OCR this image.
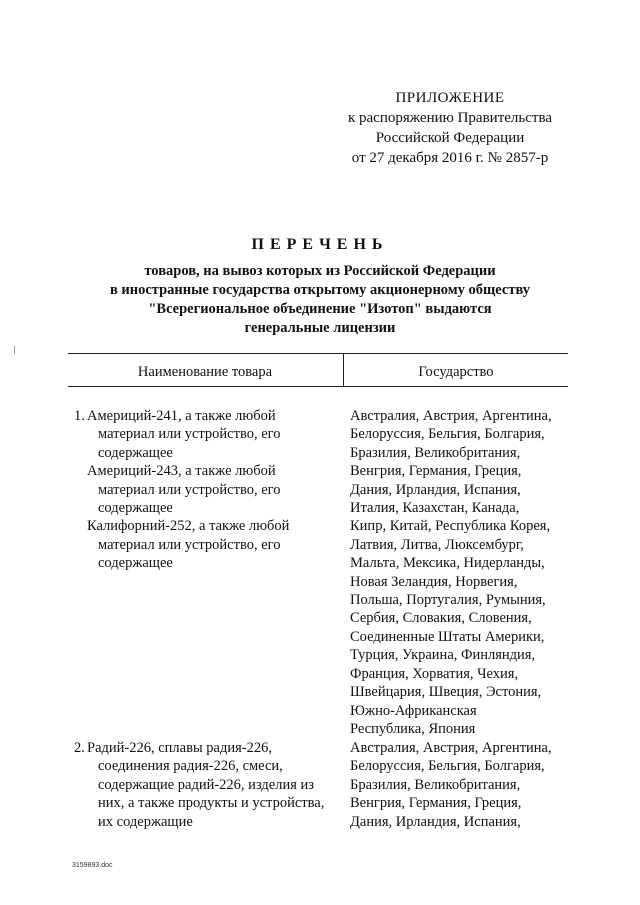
ПРИЛОЖЕНИЕ
к распоряжению Правительства
Российской Федерации
от 27 декабря 2016 г. № 2857-р
ПЕРЕЧЕНЬ
товаров, на вывоз которых из Российской Федерации
в иностранные государства открытому акционерному обществу
"Всерегиональное объединение "Изотоп" выдаются
генеральные лицензии
Наименование товара	Государство
1. Америций-241, а также любой
материал или устройство, его
содержащее
Америций-243, а также любой
материал или устройство, его
содержащее
Калифорний-252, а также любой
материал или устройство, его
содержащее
Австралия, Австрия, Аргентина,
Белоруссия, Бельгия, Болгария,
Бразилия, Великобритания,
Венгрия, Германия, Греция,
Дания, Ирландия, Испания,
Италия, Казахстан, Канада,
Кипр, Китай, Республика Корея,
Латвия, Литва, Люксембург,
Мальта, Мексика, Нидерланды,
Новая Зеландия, Норвегия,
Польша, Португалия, Румыния,
Сербия, Словакия, Словения,
Соединенные Штаты Америки,
Турция, Украина, Финляндия,
Франция, Хорватия, Чехия,
Швейцария, Швеция, Эстония,
Южно-Африканская
Республика, Япония
2. Радий-226, сплавы радия-226,
соединения радия-226, смеси,
содержащие радий-226, изделия из
них, а также продукты и устройства,
их содержащие
Австралия, Австрия, Аргентина,
Белоруссия, Бельгия, Болгария,
Бразилия, Великобритания,
Венгрия, Германия, Греция,
Дания, Ирландия, Испания,
3159893.doc
